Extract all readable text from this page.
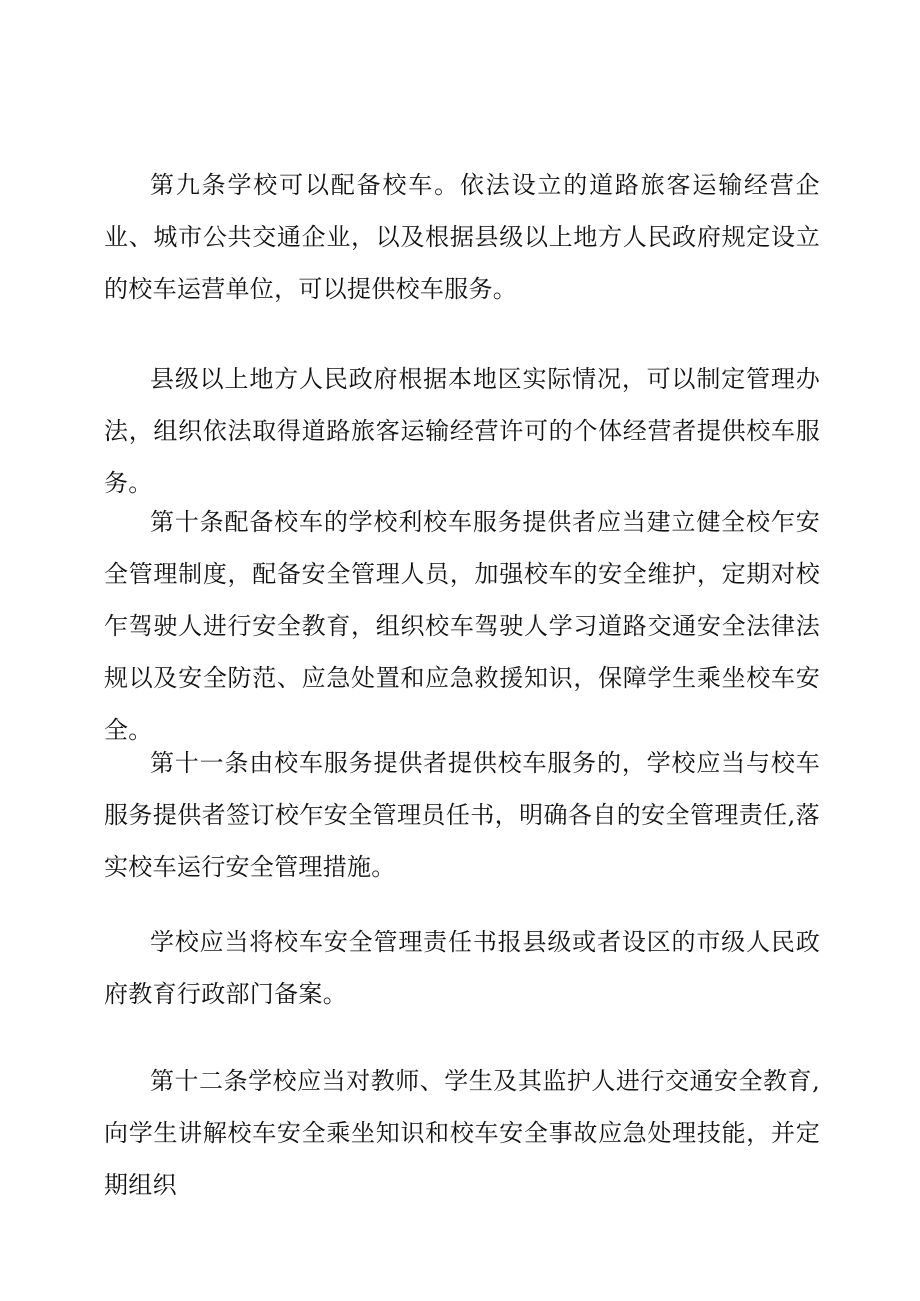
第九条学校可以配备校车。依法设立的道路旅客运输经营企业、城市公共交通企业，以及根据县级以上地方人民政府规定设立的校车运营单位，可以提供校车服务。

县级以上地方人民政府根据本地区实际情况，可以制定管理办法，组织依法取得道路旅客运输经营许可的个体经营者提供校车服务。

第十条配备校车的学校利校车服务提供者应当建立健全校乍安全管理制度，配备安全管理人员，加强校车的安全维护，定期对校乍驾驶人进行安全教育，组织校车驾驶人学习道路交通安全法律法规以及安全防范、应急处置和应急救援知识，保障学生乘坐校车安全。

第十一条由校车服务提供者提供校车服务的，学校应当与校车服务提供者签订校乍安全管理员任书，明确各自的安全管理责任,落实校车运行安全管理措施。

学校应当将校车安全管理责任书报县级或者设区的市级人民政府教育行政部门备案。

第十二条学校应当对教师、学生及其监护人进行交通安全教育,向学生讲解校车安全乘坐知识和校车安全事故应急处理技能，并定期组织
